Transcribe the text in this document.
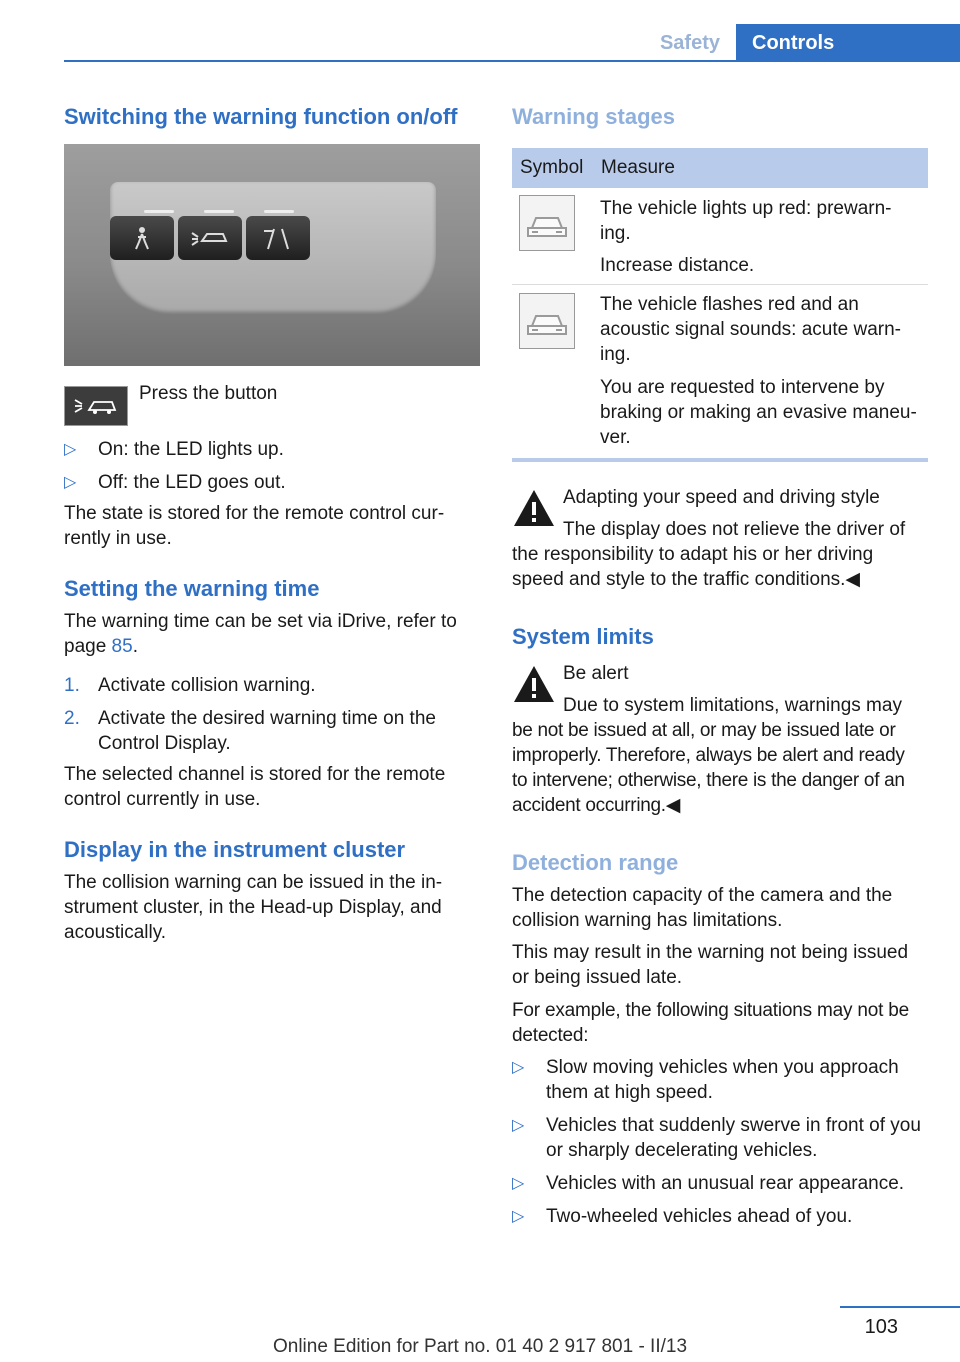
Safety	Controls
Switching the warning function on/off
Press the button
▷ On: the LED lights up.
▷ Off: the LED goes out.
The state is stored for the remote control cur-
rently in use.
Setting the warning time
The warning time can be set via iDrive, refer to
page 85.
1. Activate collision warning.
2. Activate the desired warning time on the
Control Display.
The selected channel is stored for the remote
control currently in use.
Display in the instrument cluster
The collision warning can be issued in the in-
strument cluster, in the Head-up Display, and
acoustically.
Warning stages
Symbol Measure
The vehicle lights up red: prewarn-
ing.
Increase distance.
The vehicle flashes red and an
acoustic signal sounds: acute warn-
ing.
You are requested to intervene by
braking or making an evasive maneu-
ver.
Adapting your speed and driving style
The display does not relieve the driver of
the responsibility to adapt his or her driving
speed and style to the traffic conditions.◀
System limits
Be alert
Due to system limitations, warnings may
be not be issued at all, or may be issued late or
improperly. Therefore, always be alert and ready
to intervene; otherwise, there is the danger of an
accident occurring.◀
Detection range
The detection capacity of the camera and the
collision warning has limitations.
This may result in the warning not being issued
or being issued late.
For example, the following situations may not be
detected:
▷ Slow moving vehicles when you approach
them at high speed.
▷ Vehicles that suddenly swerve in front of you
or sharply decelerating vehicles.
▷ Vehicles with an unusual rear appearance.
▷ Two-wheeled vehicles ahead of you.
103
Online Edition for Part no. 01 40 2 917 801 - II/13
